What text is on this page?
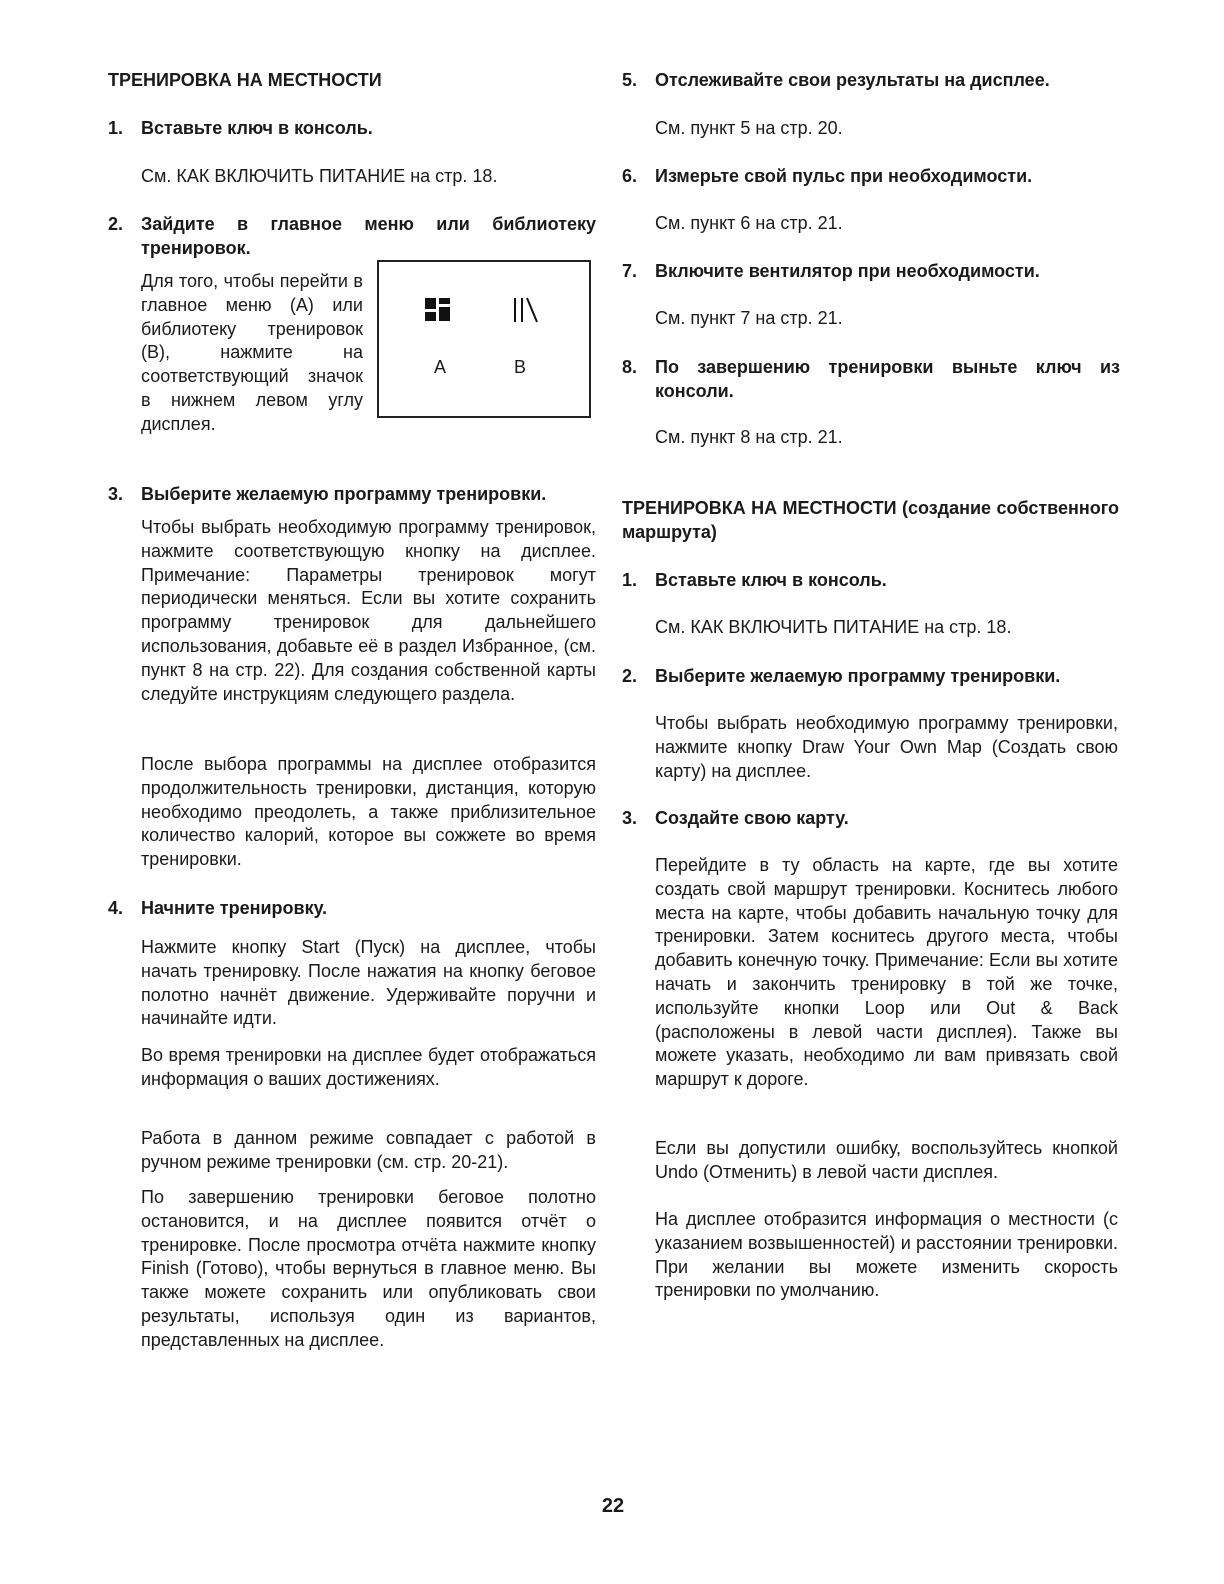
ТРЕНИРОВКА НА МЕСТНОСТИ
1. Вставьте ключ в консоль.
См. КАК ВКЛЮЧИТЬ ПИТАНИЕ на стр. 18.
2. Зайдите в главное меню или библиотеку тренировок.
Для того, чтобы перейти в главное меню (A) или библиотеку тренировок (B), нажмите на соответствующий значок в нижнем левом углу дисплея.
A	B
3. Выберите желаемую программу тренировки.
Чтобы выбрать необходимую программу тренировок, нажмите соответствующую кнопку на дисплее. Примечание: Параметры тренировок могут периодически меняться. Если вы хотите сохранить программу тренировок для дальнейшего использования, добавьте её в раздел Избранное, (см. пункт 8 на стр. 22). Для создания собственной карты следуйте инструкциям следующего раздела.
После выбора программы на дисплее отобразится продолжительность тренировки, дистанция, которую необходимо преодолеть, а также приблизительное количество калорий, которое вы сожжете во время тренировки.
4. Начните тренировку.
Нажмите кнопку Start (Пуск) на дисплее, чтобы начать тренировку. После нажатия на кнопку беговое полотно начнёт движение. Удерживайте поручни и начинайте идти.
Во время тренировки на дисплее будет отображаться информация о ваших достижениях.
Работа в данном режиме совпадает с работой в ручном режиме тренировки (см. стр. 20-21).
По завершению тренировки беговое полотно остановится, и на дисплее появится отчёт о тренировке. После просмотра отчёта нажмите кнопку Finish (Готово), чтобы вернуться в главное меню. Вы также можете сохранить или опубликовать свои результаты, используя один из вариантов, представленных на дисплее.
5. Отслеживайте свои результаты на дисплее.
См. пункт 5 на стр. 20.
6. Измерьте свой пульс при необходимости.
См. пункт 6 на стр. 21.
7. Включите вентилятор при необходимости.
См. пункт 7 на стр. 21.
8. По завершению тренировки выньте ключ из консоли.
См. пункт 8 на стр. 21.
ТРЕНИРОВКА НА МЕСТНОСТИ (создание собственного маршрута)
1. Вставьте ключ в консоль.
См. КАК ВКЛЮЧИТЬ ПИТАНИЕ на стр. 18.
2. Выберите желаемую программу тренировки.
Чтобы выбрать необходимую программу тренировки, нажмите кнопку Draw Your Own Map (Создать свою карту) на дисплее.
3. Создайте свою карту.
Перейдите в ту область на карте, где вы хотите создать свой маршрут тренировки. Коснитесь любого места на карте, чтобы добавить начальную точку для тренировки. Затем коснитесь другого места, чтобы добавить конечную точку. Примечание: Если вы хотите начать и закончить тренировку в той же точке, используйте кнопки Loop или Out & Back (расположены в левой части дисплея). Также вы можете указать, необходимо ли вам привязать свой маршрут к дороге.
Если вы допустили ошибку, воспользуйтесь кнопкой Undo (Отменить) в левой части дисплея.
На дисплее отобразится информация о местности (с указанием возвышенностей) и расстоянии тренировки. При желании вы можете изменить скорость тренировки по умолчанию.
22
